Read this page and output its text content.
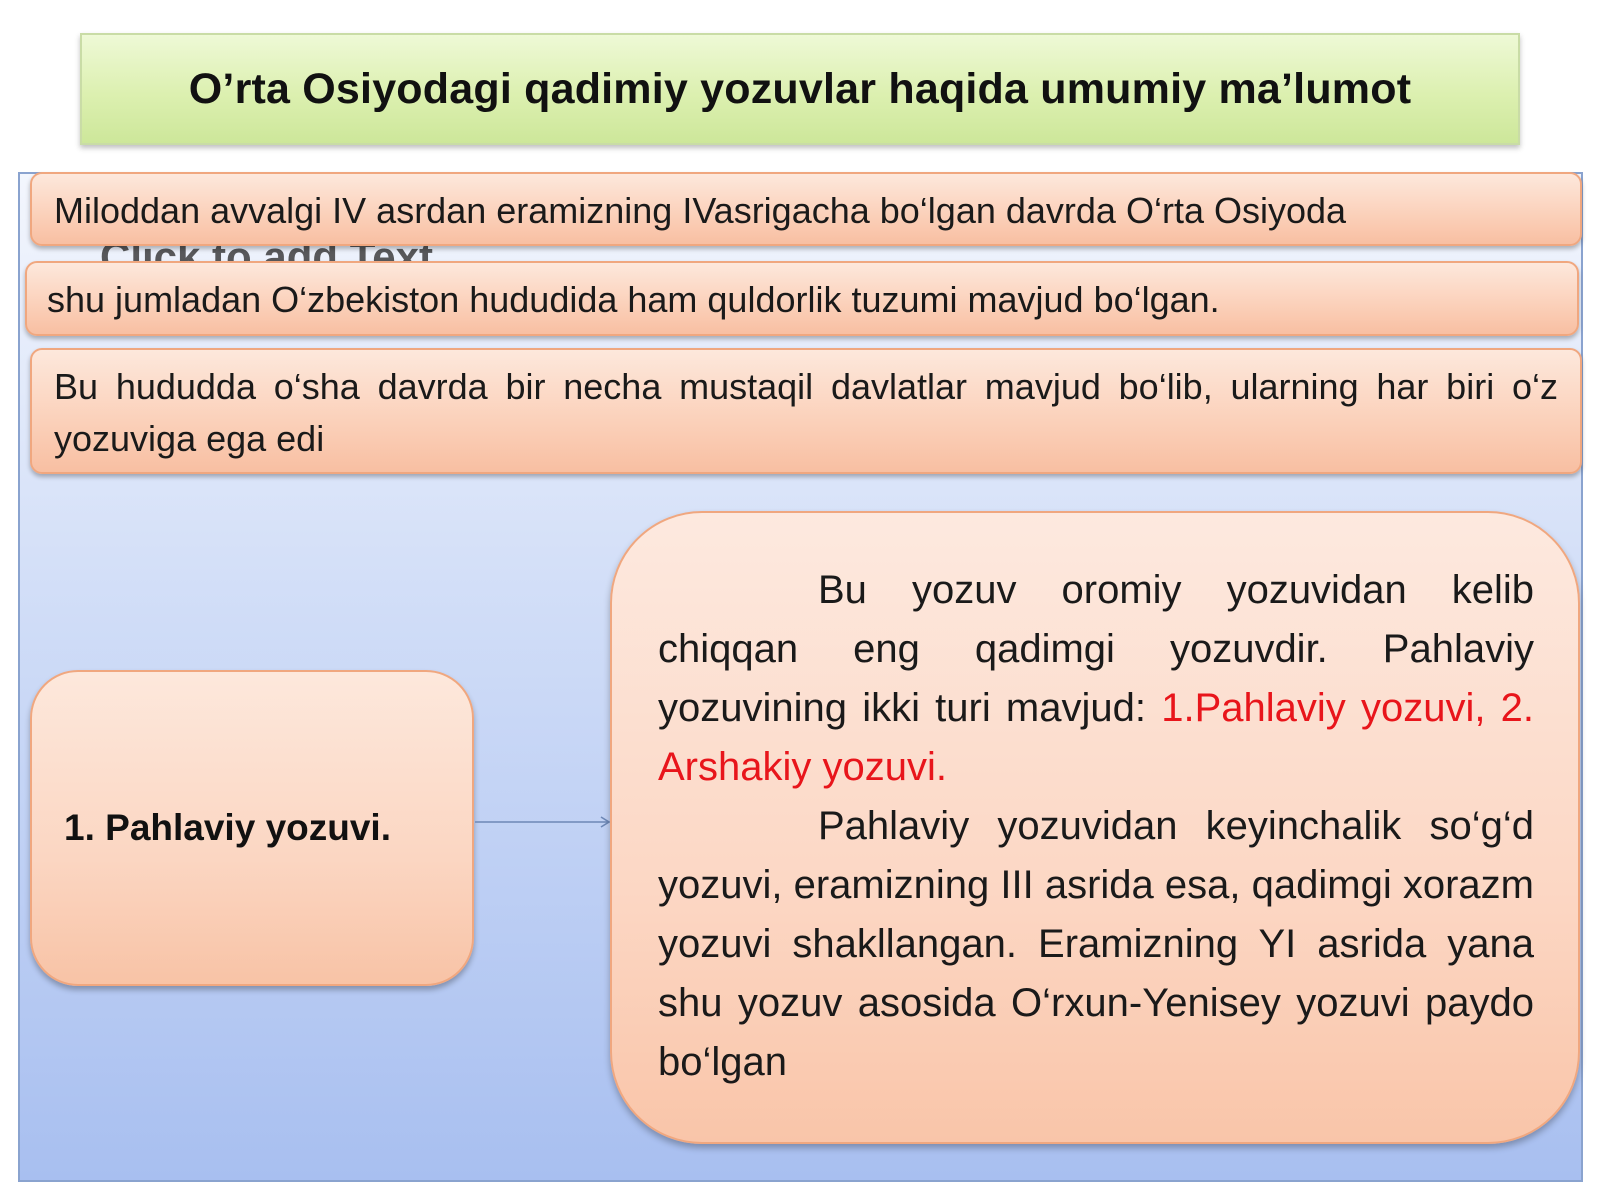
O’rta Osiyodagi qadimiy yozuvlar haqida umumiy ma’lumot
Miloddan avvalgi IV asrdan eramizning IVasrigacha bo‘lgan davrda O‘rta Osiyoda
shu jumladan O‘zbekiston hududida ham quldorlik tuzumi mavjud bo‘lgan.
Bu hududda o‘sha davrda bir necha mustaqil davlatlar mavjud bo‘lib, ularning har biri o‘z yozuviga ega edi
1. Pahlaviy yozuvi.

Bu yozuv oromiy yozuvidan kelib chiqqan eng qadimgi yozuvdir. Pahlaviy yozuvining ikki turi mavjud: 1.Pahlaviy yozuvi, 2. Arshakiy yozuvi.

Pahlaviy yozuvidan keyinchalik so‘g‘d yozuvi, eramizning III asrida esa, qadimgi xorazm yozuvi shakllangan. Eramizning YI asrida yana shu yozuv asosida O‘rxun-Yenisey yozuvi paydo bo‘lgan
